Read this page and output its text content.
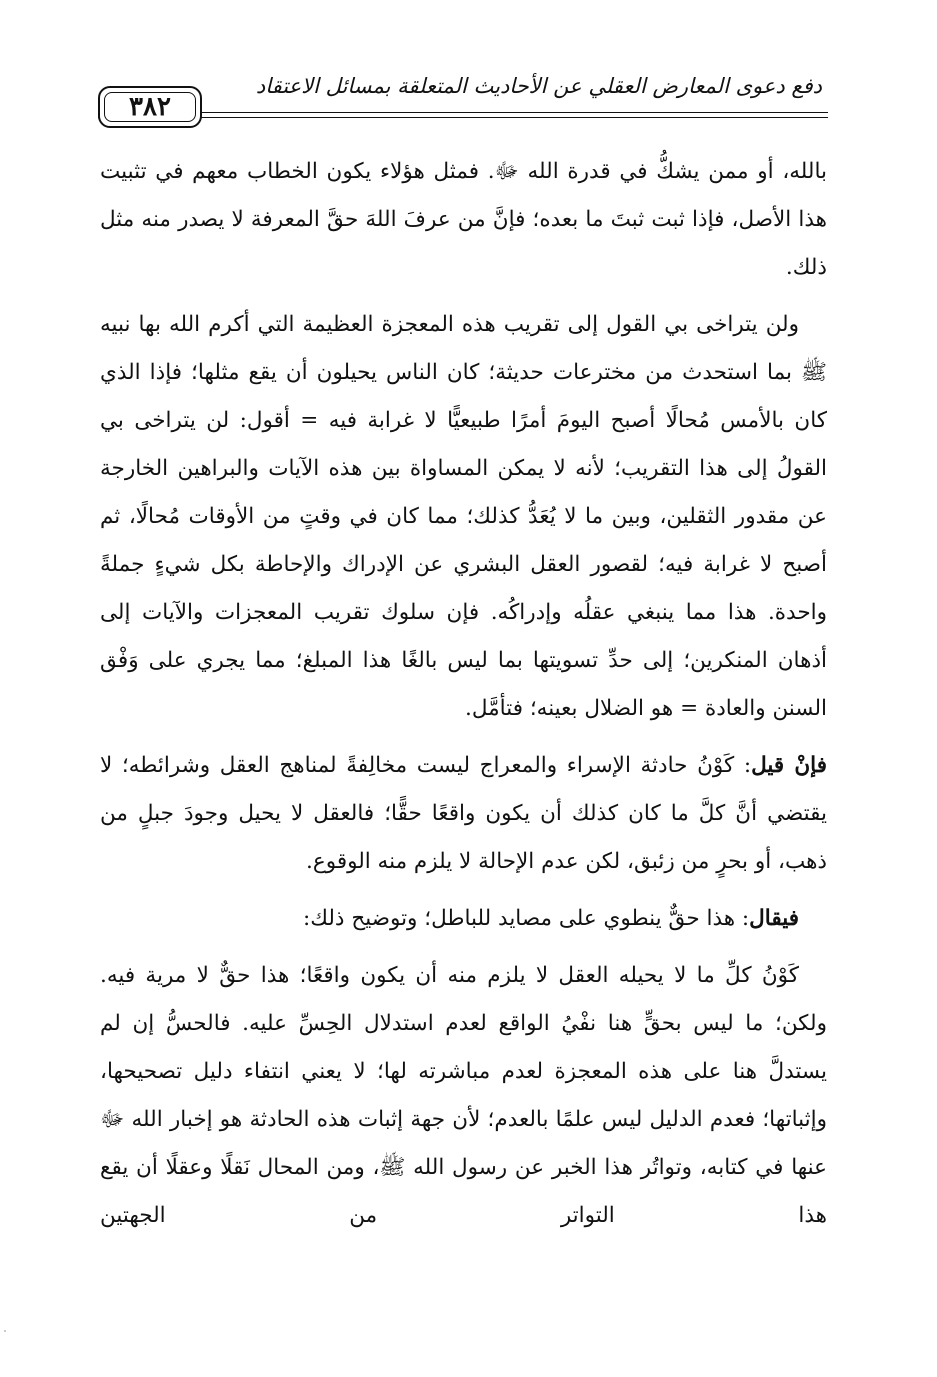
دفع دعوى المعارض العقلي عن الأحاديث المتعلقة بمسائل الاعتقاد
٣٨٢

بالله، أو ممن يشكُّ في قدرة الله ﷻ. فمثل هؤلاء يكون الخطاب معهم في تثبيت هذا الأصل، فإذا ثبت ثبتَ ما بعده؛ فإنَّ من عرفَ اللهَ حقَّ المعرفة لا يصدر منه مثل ذلك.

ولن يتراخى بي القول إلى تقريب هذه المعجزة العظيمة التي أكرم الله بها نبيه ﷺ بما استحدث من مخترعات حديثة؛ كان الناس يحيلون أن يقع مثلها؛ فإذا الذي كان بالأمس مُحالًا أصبح اليومَ أمرًا طبيعيًّا لا غرابة فيه = أقول: لن يتراخى بي القولُ إلى هذا التقريب؛ لأنه لا يمكن المساواة بين هذه الآيات والبراهين الخارجة عن مقدور الثقلين، وبين ما لا يُعَدُّ كذلك؛ مما كان في وقتٍ من الأوقات مُحالًا، ثم أصبح لا غرابة فيه؛ لقصور العقل البشري عن الإدراك والإحاطة بكل شيءٍ جملةً واحدة. هذا مما ينبغي عقلُه وإدراكُه. فإن سلوك تقريب المعجزات والآيات إلى أذهان المنكرين؛ إلى حدِّ تسويتها بما ليس بالغًا هذا المبلغ؛ مما يجري على وَفْق السنن والعادة = هو الضلال بعينه؛ فتأمَّل.

فإنْ قيل: كَوْنُ حادثة الإسراء والمعراج ليست مخالِفةً لمناهج العقل وشرائطه؛ لا يقتضي أنَّ كلَّ ما كان كذلك أن يكون واقعًا حقًّا؛ فالعقل لا يحيل وجودَ جبلٍ من ذهب، أو بحرٍ من زئبق، لكن عدم الإحالة لا يلزم منه الوقوع.

فيقال: هذا حقٌّ ينطوي على مصايد للباطل؛ وتوضيح ذلك:

كَوْنُ كلِّ ما لا يحيله العقل لا يلزم منه أن يكون واقعًا؛ هذا حقٌّ لا مرية فيه. ولكن؛ ما ليس بحقٍّ هنا نفْيُ الواقع لعدم استدلال الحِسِّ عليه. فالحسُّ إن لم يستدلَّ هنا على هذه المعجزة لعدم مباشرته لها؛ لا يعني انتفاء دليل تصحيحها، وإثباتها؛ فعدم الدليل ليس علمًا بالعدم؛ لأن جهة إثبات هذه الحادثة هو إخبار الله ﷻ عنها في كتابه، وتواتُر هذا الخبر عن رسول الله ﷺ، ومن المحال نَقلًا وعقلًا أن يقع هذا التواتر من الجهتين
